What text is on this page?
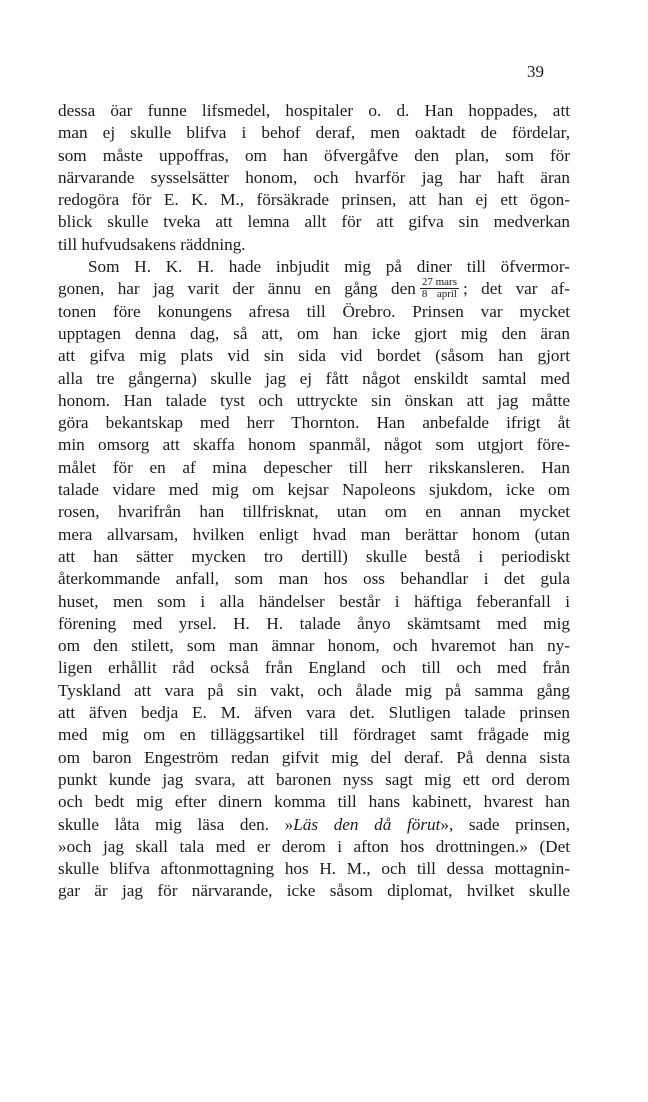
39
dessa öar funne lifsmedel, hospitaler o. d. Han hoppades, att
man ej skulle blifva i behof deraf, men oaktadt de fördelar,
som måste uppoffras, om han öfvergåfve den plan, som för
närvarande sysselsätter honom, och hvarför jag har haft äran
redogöra för E. K. M., försäkrade prinsen, att han ej ett ögon-
blick skulle tveka att lemna allt för att gifva sin medverkan
till hufvudsakens räddning.
Som H. K. H. hade inbjudit mig på diner till öfvermor-
gonen, har jag varit der ännu en gång den $\frac{\text{27 mars}}{\text{8 april}}$ ; det var af-
tonen före konungens afresa till Örebro. Prinsen var mycket
upptagen denna dag, så att, om han icke gjort mig den äran
att gifva mig plats vid sin sida vid bordet (såsom han gjort
alla tre gångerna) skulle jag ej fått något enskildt samtal med
honom. Han talade tyst och uttryckte sin önskan att jag måtte
göra bekantskap med herr Thornton. Han anbefalde ifrigt åt
min omsorg att skaffa honom spanmål, något som utgjort före-
målet för en af mina depescher till herr rikskansleren. Han
talade vidare med mig om kejsar Napoleons sjukdom, icke om
rosen, hvarifrån han tillfrisknat, utan om en annan mycket
mera allvarsam, hvilken enligt hvad man berättar honom (utan
att han sätter mycken tro dertill) skulle bestå i periodiskt
återkommande anfall, som man hos oss behandlar i det gula
huset, men som i alla händelser består i häftiga feberanfall i
förening med yrsel. H. H. talade ånyo skämtsamt med mig
om den stilett, som man ämnar honom, och hvaremot han ny-
ligen erhållit råd också från England och till och med från
Tyskland att vara på sin vakt, och ålade mig på samma gång
att äfven bedja E. M. äfven vara det. Slutligen talade prinsen
med mig om en tilläggsartikel till fördraget samt frågade mig
om baron Engeström redan gifvit mig del deraf. På denna sista
punkt kunde jag svara, att baronen nyss sagt mig ett ord derom
och bedt mig efter dinern komma till hans kabinett, hvarest han
skulle låta mig läsa den. »Läs den då förut», sade prinsen,
»och jag skall tala med er derom i afton hos drottningen.» (Det
skulle blifva aftonmottagning hos H. M., och till dessa mottagnin-
gar är jag för närvarande, icke såsom diplomat, hvilket skulle
